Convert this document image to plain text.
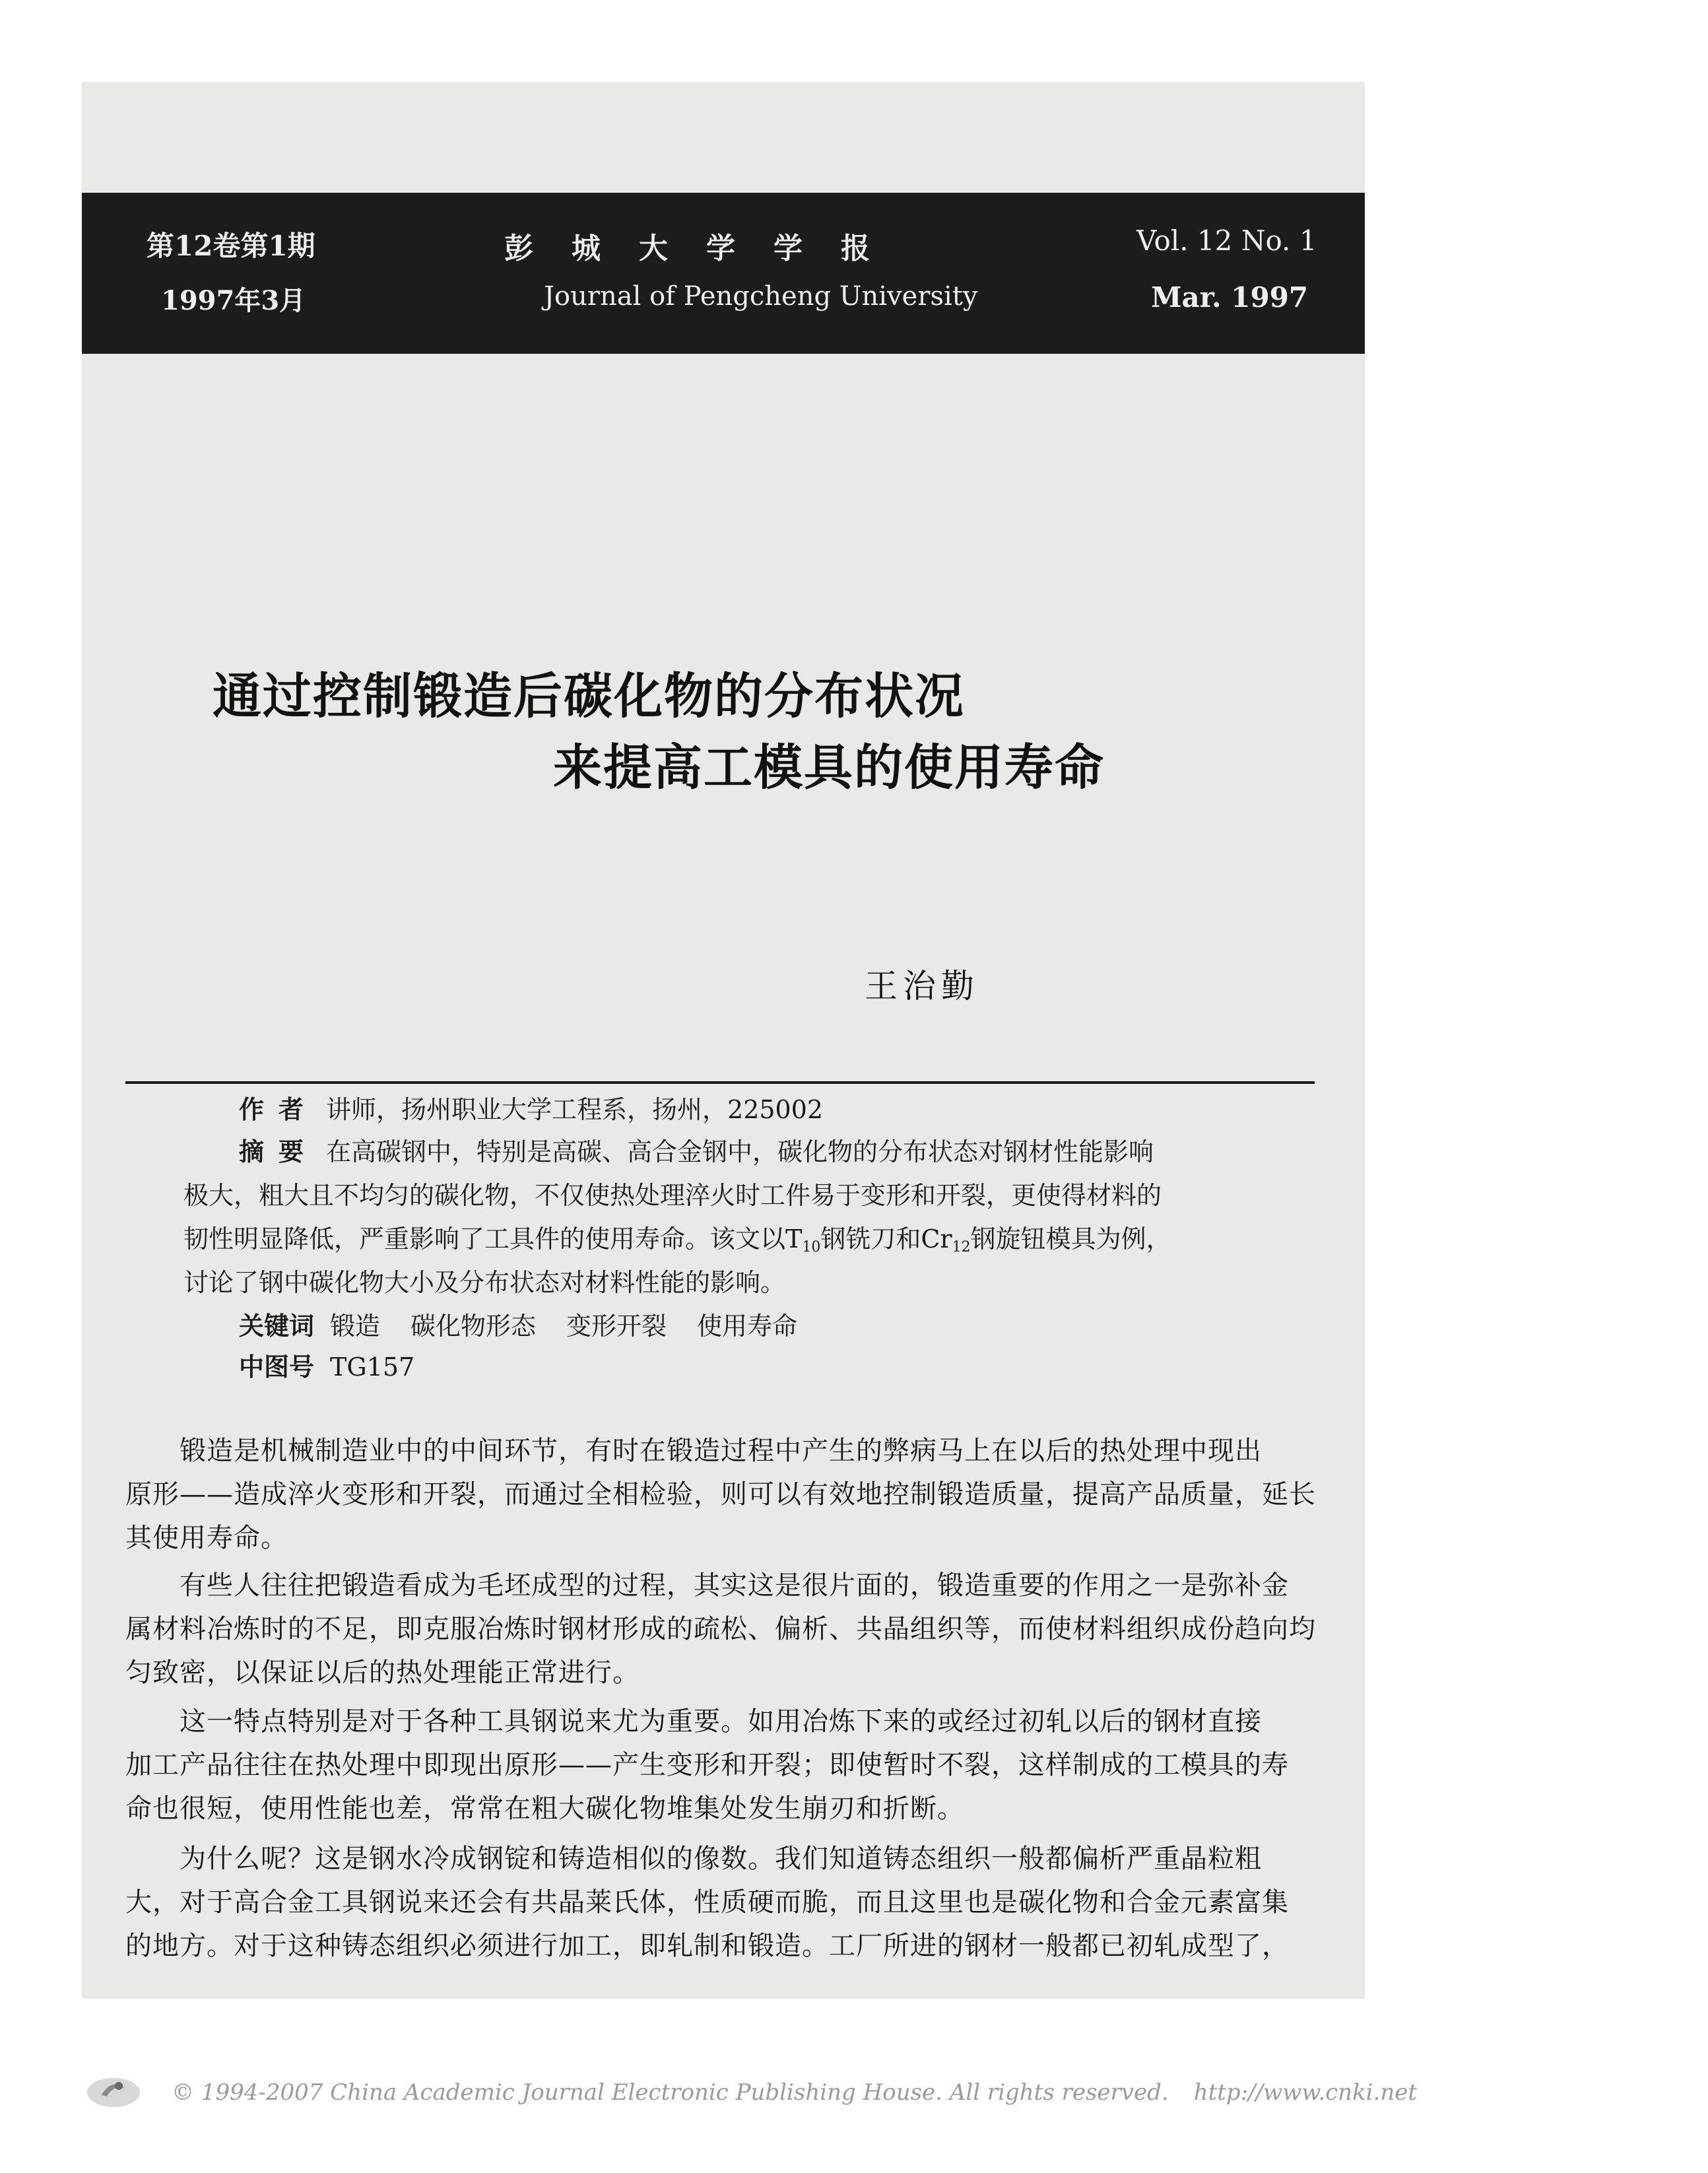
第12卷第1期
1997年3月
彭城大学学报
Journal of Pengcheng University
Vol. 12 No. 1
Mar. 1997
通过控制锻造后碳化物的分布状况
来提高工模具的使用寿命
王治勤
作者 讲师，扬州职业大学工程系，扬州，225002
摘要 在高碳钢中，特别是高碳、高合金钢中，碳化物的分布状态对钢材性能影响
极大，粗大且不均匀的碳化物，不仅使热处理淬火时工件易于变形和开裂，更使得材料的
韧性明显降低，严重影响了工具件的使用寿命。该文以$T_{10}$钢铣刀和$Cr_{12}$钢旋钮模具为例，
讨论了钢中碳化物大小及分布状态对材料性能的影响。
关键词 锻造 碳化物形态 变形开裂 使用寿命
中图号 TG157
锻造是机械制造业中的中间环节，有时在锻造过程中产生的弊病马上在以后的热处理中现出
原形——造成淬火变形和开裂，而通过全相检验，则可以有效地控制锻造质量，提高产品质量，延长
其使用寿命。
有些人往往把锻造看成为毛坯成型的过程，其实这是很片面的，锻造重要的作用之一是弥补金
属材料冶炼时的不足，即克服冶炼时钢材形成的疏松、偏析、共晶组织等，而使材料组织成份趋向均
匀致密，以保证以后的热处理能正常进行。
这一特点特别是对于各种工具钢说来尤为重要。如用冶炼下来的或经过初轧以后的钢材直接
加工产品往往在热处理中即现出原形——产生变形和开裂；即使暂时不裂，这样制成的工模具的寿
命也很短，使用性能也差，常常在粗大碳化物堆集处发生崩刃和折断。
为什么呢？这是钢水冷成钢锭和铸造相似的像数。我们知道铸态组织一般都偏析严重晶粒粗
大，对于高合金工具钢说来还会有共晶莱氏体，性质硬而脆，而且这里也是碳化物和合金元素富集
的地方。对于这种铸态组织必须进行加工，即轧制和锻造。工厂所进的钢材一般都已初轧成型了，
© 1994-2007 China Academic Journal Electronic Publishing House. All rights reserved. http://www.cnki.net
